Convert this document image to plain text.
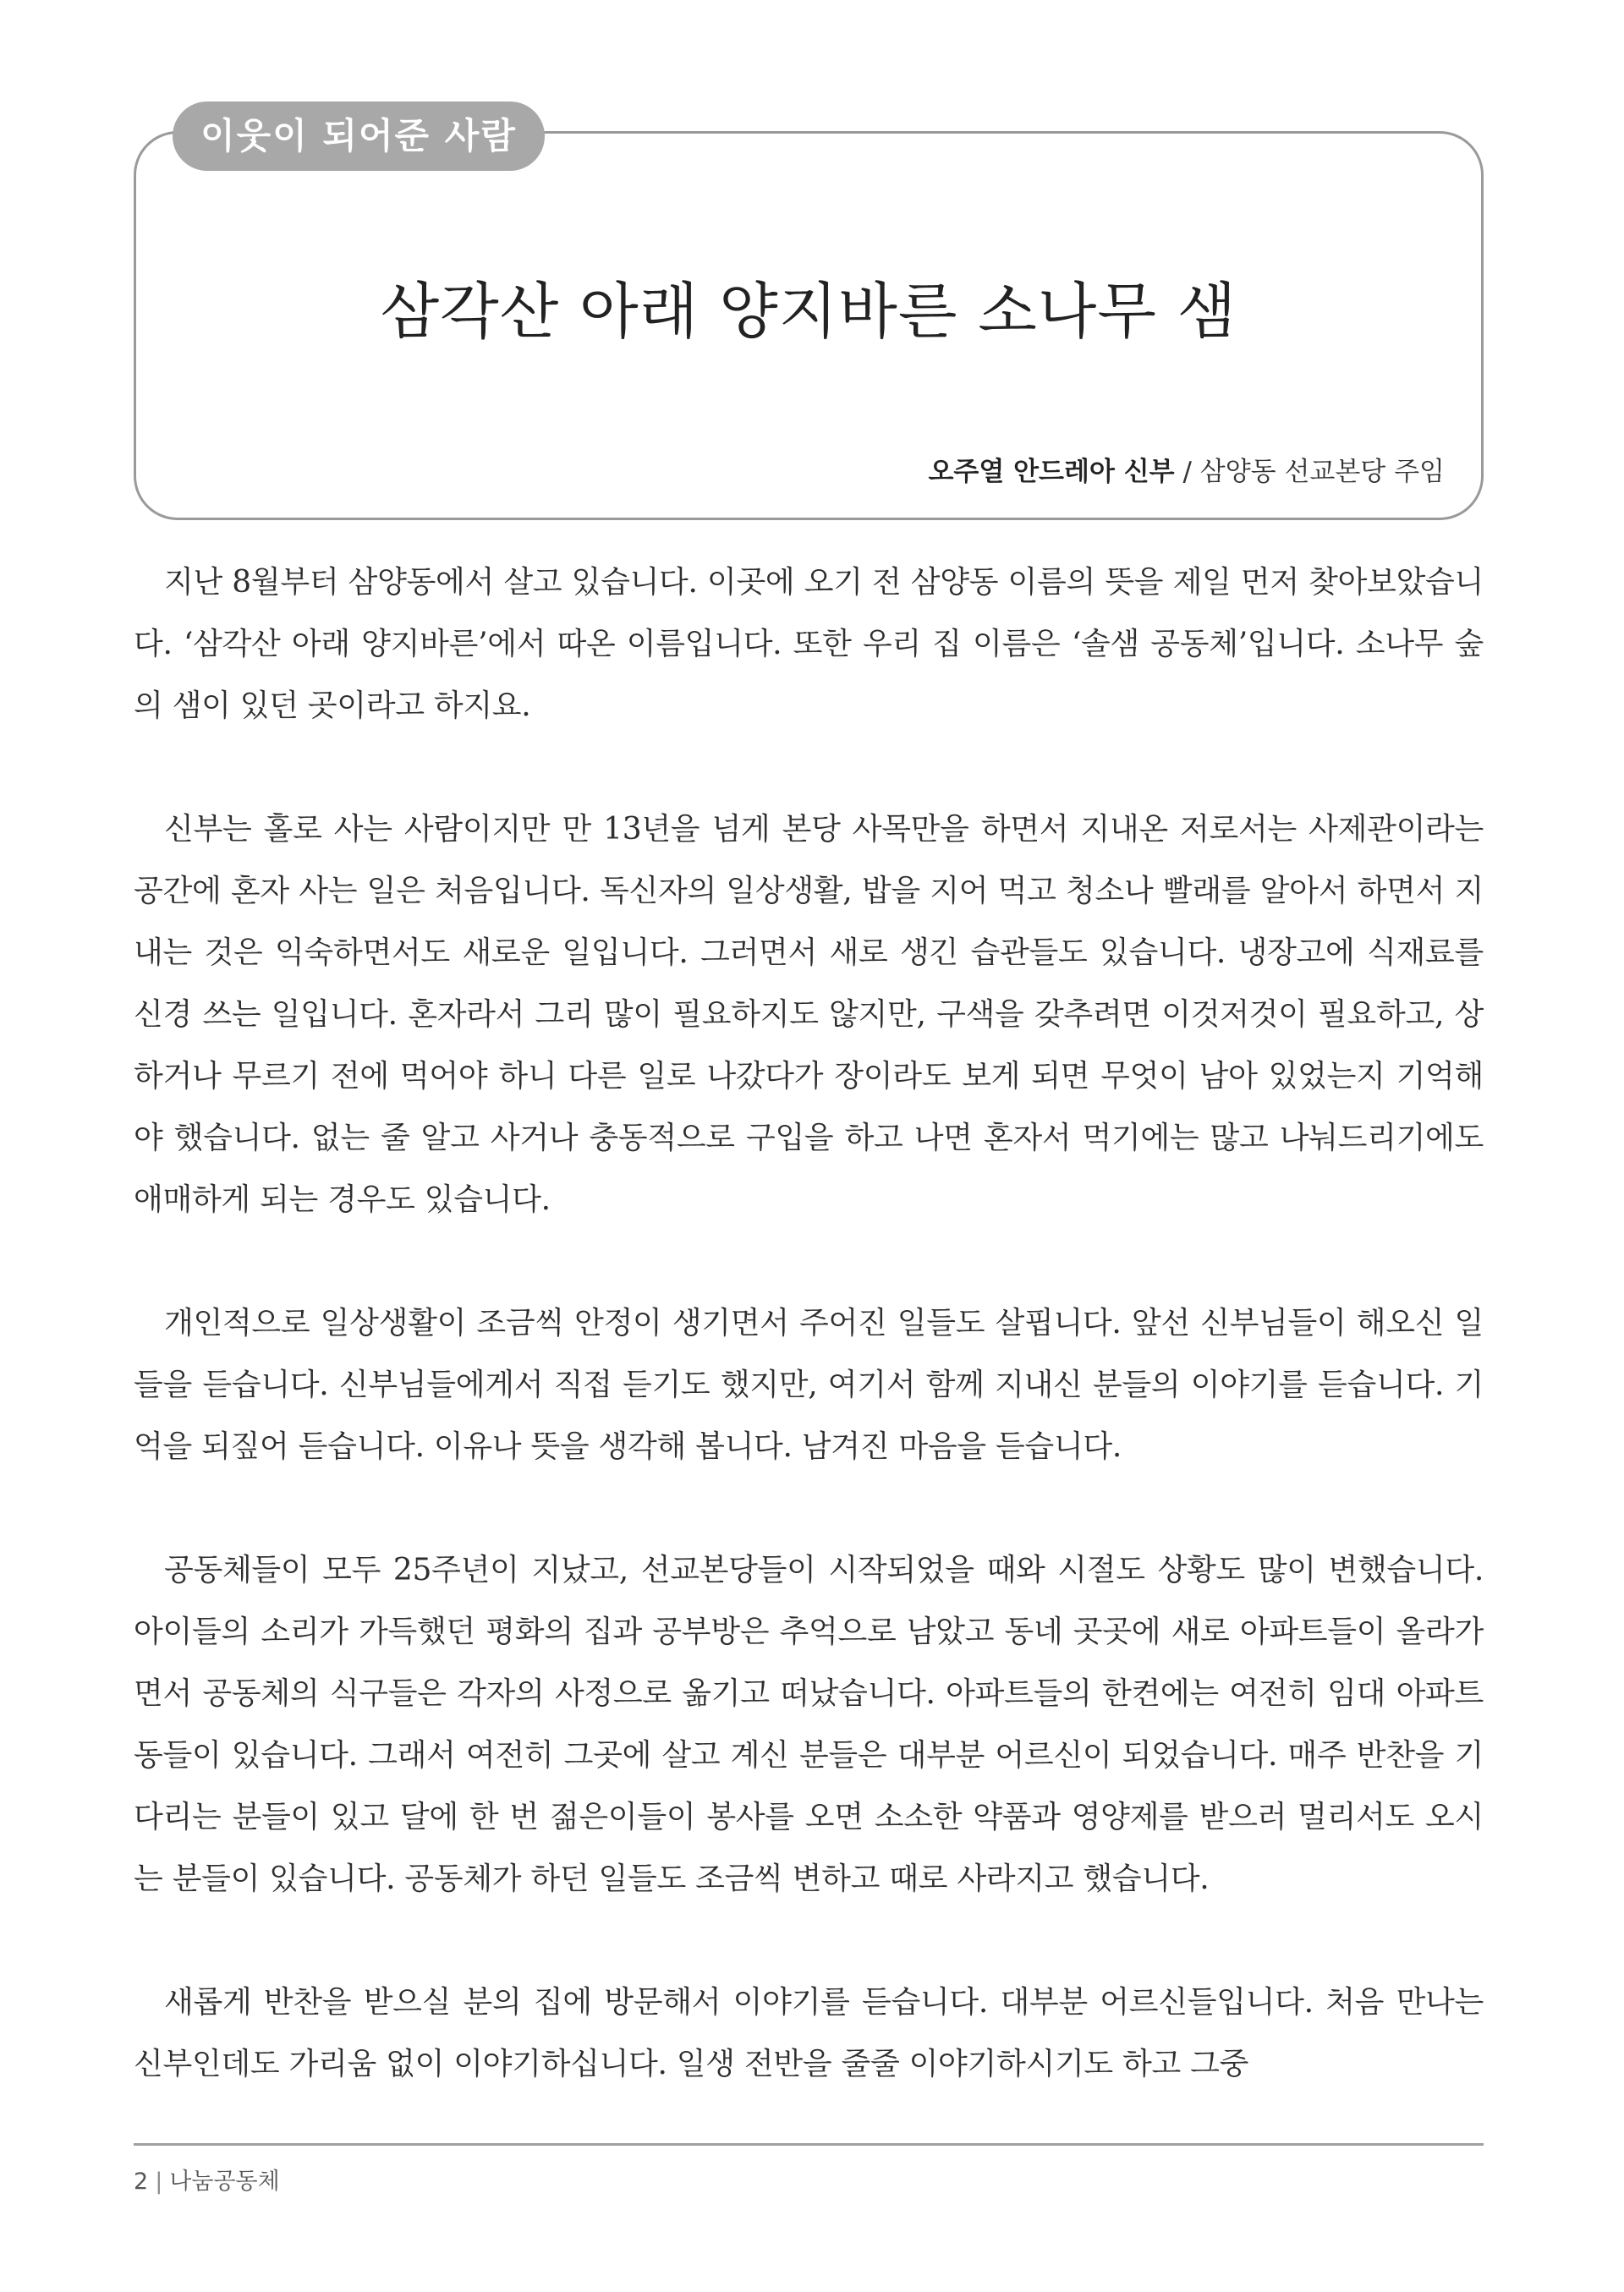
이웃이 되어준 사람
삼각산 아래 양지바른 소나무 샘
오주열 안드레아 신부 / 삼양동 선교본당 주임

지난 8월부터 삼양동에서 살고 있습니다. 이곳에 오기 전 삼양동 이름의 뜻을 제일 먼저 찾아보았습니다. ‘삼각산 아래 양지바른’에서 따온 이름입니다. 또한 우리 집 이름은 ‘솔샘 공동체’입니다. 소나무 숲의 샘이 있던 곳이라고 하지요.

신부는 홀로 사는 사람이지만 만 13년을 넘게 본당 사목만을 하면서 지내온 저로서는 사제관이라는 공간에 혼자 사는 일은 처음입니다. 독신자의 일상생활, 밥을 지어 먹고 청소나 빨래를 알아서 하면서 지내는 것은 익숙하면서도 새로운 일입니다. 그러면서 새로 생긴 습관들도 있습니다. 냉장고에 식재료를 신경 쓰는 일입니다. 혼자라서 그리 많이 필요하지도 않지만, 구색을 갖추려면 이것저것이 필요하고, 상하거나 무르기 전에 먹어야 하니 다른 일로 나갔다가 장이라도 보게 되면 무엇이 남아 있었는지 기억해야 했습니다. 없는 줄 알고 사거나 충동적으로 구입을 하고 나면 혼자서 먹기에는 많고 나눠드리기에도 애매하게 되는 경우도 있습니다.

개인적으로 일상생활이 조금씩 안정이 생기면서 주어진 일들도 살핍니다. 앞선 신부님들이 해오신 일들을 듣습니다. 신부님들에게서 직접 듣기도 했지만, 여기서 함께 지내신 분들의 이야기를 듣습니다. 기억을 되짚어 듣습니다. 이유나 뜻을 생각해 봅니다. 남겨진 마음을 듣습니다.

공동체들이 모두 25주년이 지났고, 선교본당들이 시작되었을 때와 시절도 상황도 많이 변했습니다. 아이들의 소리가 가득했던 평화의 집과 공부방은 추억으로 남았고 동네 곳곳에 새로 아파트들이 올라가면서 공동체의 식구들은 각자의 사정으로 옮기고 떠났습니다. 아파트들의 한켠에는 여전히 임대 아파트 동들이 있습니다. 그래서 여전히 그곳에 살고 계신 분들은 대부분 어르신이 되었습니다. 매주 반찬을 기다리는 분들이 있고 달에 한 번 젊은이들이 봉사를 오면 소소한 약품과 영양제를 받으러 멀리서도 오시는 분들이 있습니다. 공동체가 하던 일들도 조금씩 변하고 때로 사라지고 했습니다.

새롭게 반찬을 받으실 분의 집에 방문해서 이야기를 듣습니다. 대부분 어르신들입니다. 처음 만나는 신부인데도 가리움 없이 이야기하십니다. 일생 전반을 줄줄 이야기하시기도 하고 그중

2 | 나눔공동체
